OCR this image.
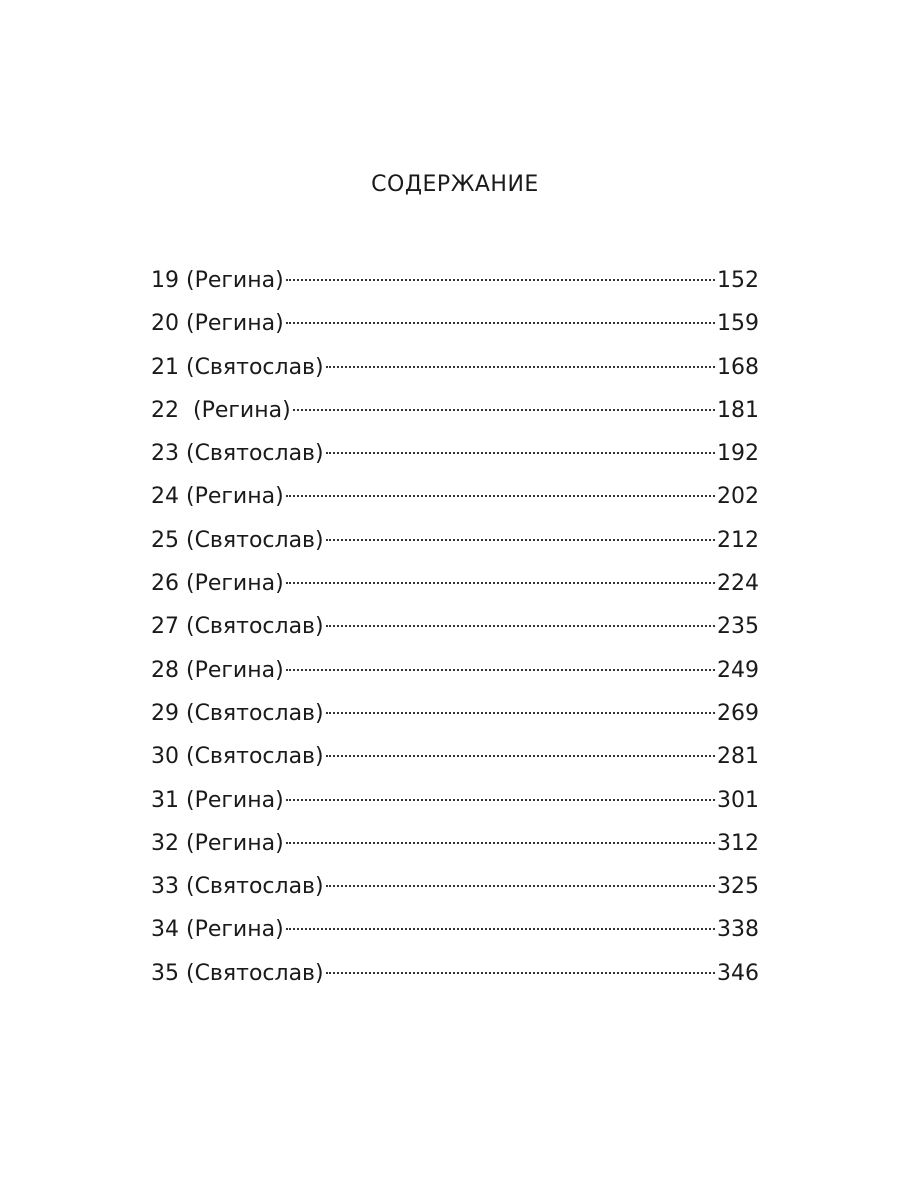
СОДЕРЖАНИЕ
19 (Регина)	152
20 (Регина)	159
21 (Святослав)	168
22  (Регина)	181
23 (Святослав)	192
24 (Регина)	202
25 (Святослав)	212
26 (Регина)	224
27 (Святослав)	235
28 (Регина)	249
29 (Святослав)	269
30 (Святослав)	281
31 (Регина)	301
32 (Регина)	312
33 (Святослав)	325
34 (Регина)	338
35 (Святослав)	346
